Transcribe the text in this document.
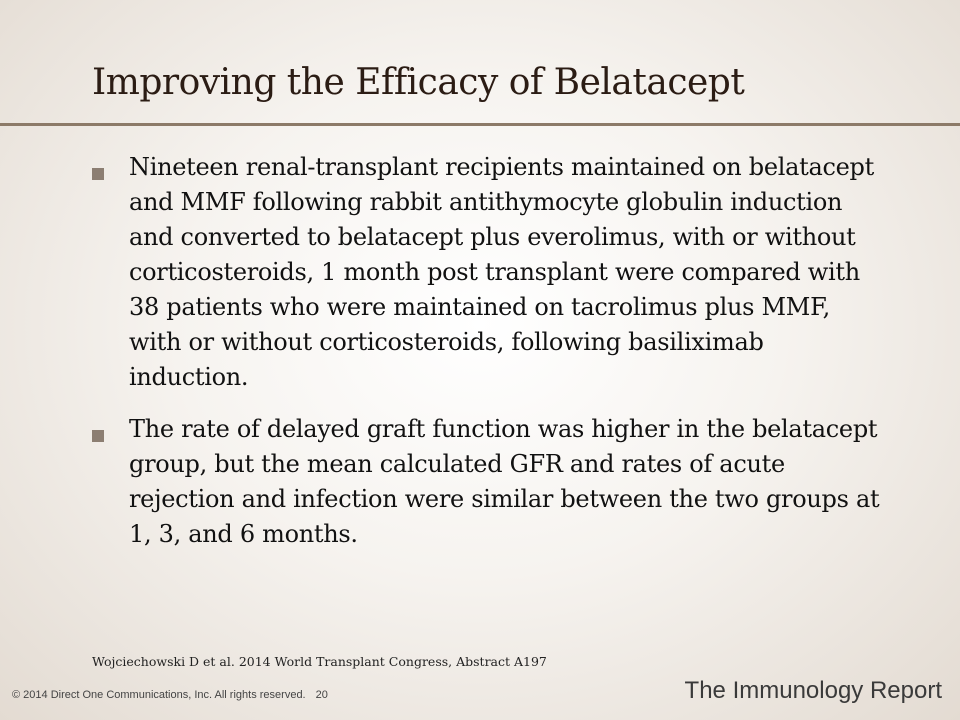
Improving the Efficacy of Belatacept
Nineteen renal-transplant recipients maintained on belatacept and MMF following rabbit antithymocyte globulin induction and converted to belatacept plus everolimus, with or without corticosteroids, 1 month post transplant were compared with 38 patients who were maintained on tacrolimus plus MMF, with or without corticosteroids, following basiliximab induction.
The rate of delayed graft function was higher in the belatacept group, but the mean calculated GFR and rates of acute rejection and infection were similar between the two groups at 1, 3, and 6 months.
Wojciechowski D et al. 2014 World Transplant Congress, Abstract A197
© 2014 Direct One Communications, Inc. All rights reserved. 20	The Immunology Report
